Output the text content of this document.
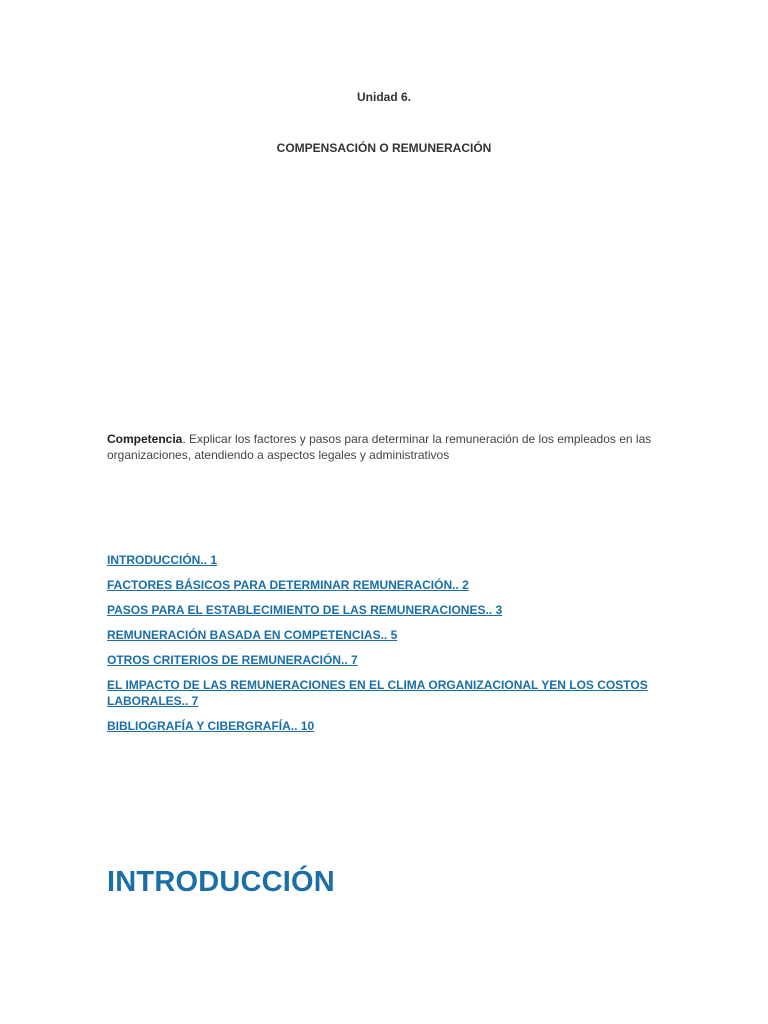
Unidad 6.
COMPENSACIÓN O REMUNERACIÓN

Competencia. Explicar los factores y pasos para determinar la remuneración de los empleados en las organizaciones, atendiendo a aspectos legales y administrativos

INTRODUCCIÓN.. 1
FACTORES BÁSICOS PARA DETERMINAR REMUNERACIÓN.. 2
PASOS PARA EL ESTABLECIMIENTO DE LAS REMUNERACIONES.. 3
REMUNERACIÓN BASADA EN COMPETENCIAS.. 5
OTROS CRITERIOS DE REMUNERACIÓN.. 7
EL IMPACTO DE LAS REMUNERACIONES EN EL CLIMA ORGANIZACIONAL YEN LOS COSTOS LABORALES.. 7
BIBLIOGRAFÍA Y CIBERGRAFÍA.. 10
INTRODUCCIÓN
